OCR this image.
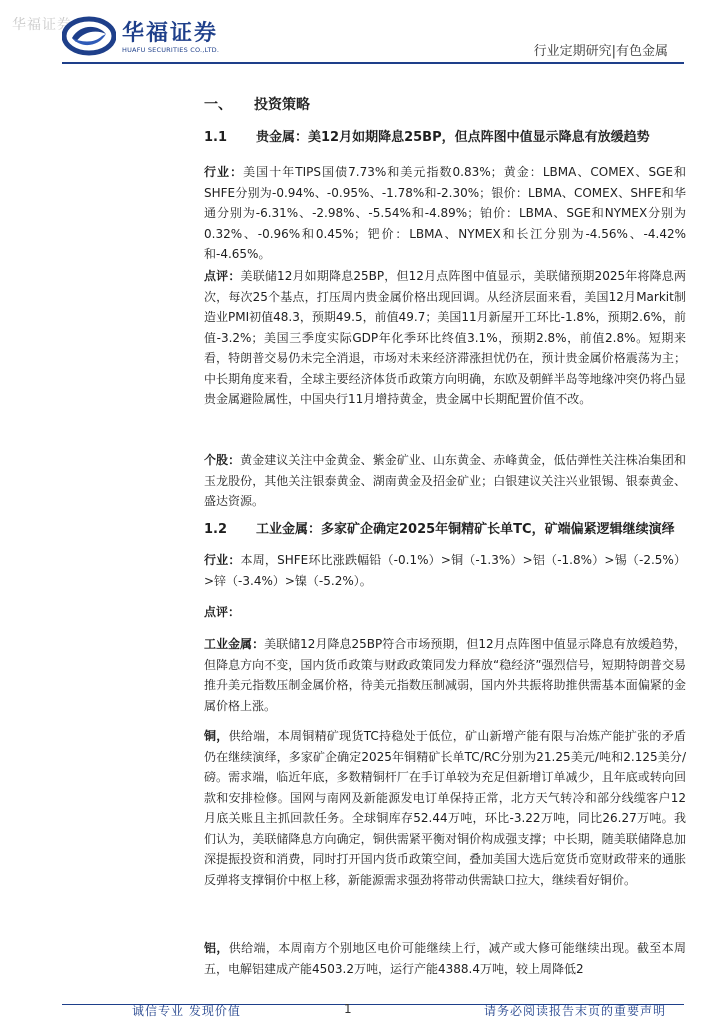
华福证券 华福证券
HUAFU SECURITIES CO.,LTD.	行业定期研究|有色金属
一、 投资策略
1.1 贵金属：美12月如期降息25BP，但点阵图中值显示降息有放缓趋势
行业：美国十年TIPS国债7.73%和美元指数0.83%；黄金：LBMA、COMEX、SGE和SHFE分别为-0.94%、-0.95%、-1.78%和-2.30%；银价：LBMA、COMEX、SHFE和华通分别为-6.31%、-2.98%、-5.54%和-4.89%；铂价：LBMA、SGE和NYMEX分别为0.32%、-0.96%和0.45%；钯价：LBMA、NYMEX和长江分别为-4.56%、-4.42%和-4.65%。
点评：美联储12月如期降息25BP，但12月点阵图中值显示，美联储预期2025年将降息两次，每次25个基点，打压周内贵金属价格出现回调。从经济层面来看，美国12月Markit制造业PMI初值48.3，预期49.5，前值49.7；美国11月新屋开工环比-1.8%，预期2.6%，前值-3.2%；美国三季度实际GDP年化季环比终值3.1%，预期2.8%，前值2.8%。短期来看，特朗普交易仍未完全消退，市场对未来经济滞涨担忧仍在，预计贵金属价格震荡为主；中长期角度来看，全球主要经济体货币政策方向明确，东欧及朝鲜半岛等地缘冲突仍将凸显贵金属避险属性，中国央行11月增持黄金，贵金属中长期配置价值不改。
个股：黄金建议关注中金黄金、紫金矿业、山东黄金、赤峰黄金，低估弹性关注株冶集团和玉龙股份，其他关注银泰黄金、湖南黄金及招金矿业；白银建议关注兴业银锡、银泰黄金、盛达资源。
1.2 工业金属：多家矿企确定2025年铜精矿长单TC，矿端偏紧逻辑继续演绎
行业：本周，SHFE环比涨跌幅铅（-0.1%）>铜（-1.3%）>铝（-1.8%）>锡（-2.5%）>锌（-3.4%）>镍（-5.2%）。
点评：
工业金属：美联储12月降息25BP符合市场预期，但12月点阵图中值显示降息有放缓趋势，但降息方向不变，国内货币政策与财政政策同发力释放“稳经济”强烈信号，短期特朗普交易推升美元指数压制金属价格，待美元指数压制减弱，国内外共振将助推供需基本面偏紧的金属价格上涨。
铜，供给端，本周铜精矿现货TC持稳处于低位，矿山新增产能有限与冶炼产能扩张的矛盾仍在继续演绎，多家矿企确定2025年铜精矿长单TC/RC分别为21.25美元/吨和2.125美分/磅。需求端，临近年底，多数精铜杆厂在手订单较为充足但新增订单减少，且年底或转向回款和安排检修。国网与南网及新能源发电订单保持正常，北方天气转冷和部分线缆客户12月底关账且主抓回款任务。全球铜库存52.44万吨，环比-3.22万吨，同比26.27万吨。我们认为，美联储降息方向确定，铜供需紧平衡对铜价构成强支撑；中长期，随美联储降息加深提振投资和消费，同时打开国内货币政策空间，叠加美国大选后宽货币宽财政带来的通胀反弹将支撑铜价中枢上移，新能源需求强劲将带动供需缺口拉大，继续看好铜价。
铝，供给端，本周南方个别地区电价可能继续上行，减产或大修可能继续出现。截至本周五，电解铝建成产能4503.2万吨，运行产能4388.4万吨，较上周降低2
诚信专业 发现价值	1	请务必阅读报告末页的重要声明
